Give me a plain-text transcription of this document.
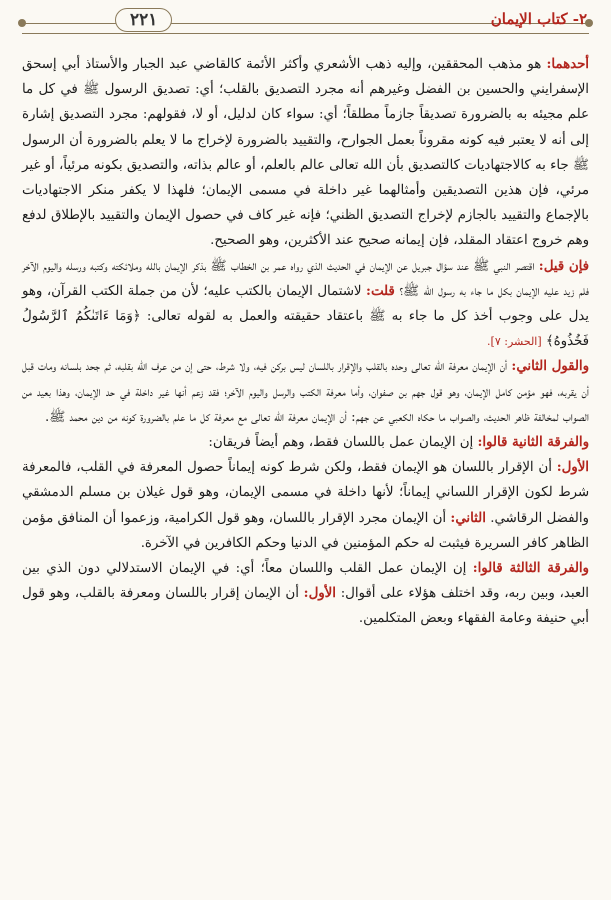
٢- كتاب الإيمان
٢٢١

أحدهما: هو مذهب المحققين، وإليه ذهب الأشعري وأكثر الأئمة كالقاضي عبد الجبار والأستاذ أبي إسحق الإسفرايني والحسين بن الفضل وغيرهم أنه مجرد التصديق بالقلب؛ أي: تصديق الرسول ﷺ في كل ما علم مجيئه به بالضرورة تصديقاً جازماً مطلقاً؛ أي: سواء كان لدليل، أو لا، فقولهم: مجرد التصديق إشارة إلى أنه لا يعتبر فيه كونه مقروناً بعمل الجوارح، والتقييد بالضرورة لإخراج ما لا يعلم بالضرورة أن الرسول ﷺ جاء به كالاجتهاديات كالتصديق بأن الله تعالى عالم بالعلم، أو عالم بذاته، والتصديق بكونه مرئياً، أو غير مرئي، فإن هذين التصديقين وأمثالهما غير داخلة في مسمى الإيمان؛ فلهذا لا يكفر منكر الاجتهاديات بالإجماع والتقييد بالجازم لإخراج التصديق الظني؛ فإنه غير كاف في حصول الإيمان والتقييد بالإطلاق لدفع وهم خروج اعتقاد المقلد، فإن إيمانه صحيح عند الأكثرين، وهو الصحيح.

فإن قيل: اقتصر النبي ﷺ عند سؤال جبريل عن الإيمان في الحديث الذي رواه عمر بن الخطاب ﷺ بذكر الإيمان بالله وملائكته وكتبه ورسله واليوم الآخر فلم زيد عليه الإيمان بكل ما جاء به رسول الله ﷺ؟ قلت: لاشتمال الإيمان بالكتب عليه؛ لأن من جملة الكتب القرآن، وهو يدل على وجوب أخذ كل ما جاء به ﷺ باعتقاد حقيقته والعمل به لقوله تعالى: ﴿وَمَا ءَاتَىٰكُمُ ٱلرَّسُولُ فَخُذُوهُ﴾ [الحشر: ٧].

والقول الثاني: أن الإيمان معرفة الله تعالى وحده بالقلب والإقرار باللسان ليس بركن فيه، ولا شرط، حتى إن من عرف الله بقلبه، ثم جحد بلسانه ومات قبل أن يقربه، فهو مؤمن كامل الإيمان، وهو قول جهم بن صفوان، وأما معرفة الكتب والرسل واليوم الآخر؛ فقد زعم أنها غير داخلة في حد الإيمان، وهذا بعيد من الصواب لمخالفة ظاهر الحديث، والصواب ما حكاه الكعبي عن جهم: أن الإيمان معرفة الله تعالى مع معرفة كل ما علم بالضرورة كونه من دين محمد ﷺ.

والفرقة الثانية قالوا: إن الإيمان عمل باللسان فقط، وهم أيضاً فريقان:

الأول: أن الإقرار باللسان هو الإيمان فقط، ولكن شرط كونه إيماناً حصول المعرفة في القلب، فالمعرفة شرط لكون الإقرار اللساني إيماناً؛ لأنها داخلة في مسمى الإيمان، وهو قول غيلان بن مسلم الدمشقي والفضل الرقاشي. الثاني: أن الإيمان مجرد الإقرار باللسان، وهو قول الكرامية، وزعموا أن المنافق مؤمن الظاهر كافر السريرة فيثبت له حكم المؤمنين في الدنيا وحكم الكافرين في الآخرة.

والفرقة الثالثة قالوا: إن الإيمان عمل القلب واللسان معاً؛ أي: في الإيمان الاستدلالي دون الذي بين العبد، وبين ربه، وقد اختلف هؤلاء على أقوال: الأول: أن الإيمان إقرار باللسان ومعرفة بالقلب، وهو قول أبي حنيفة وعامة الفقهاء وبعض المتكلمين.
